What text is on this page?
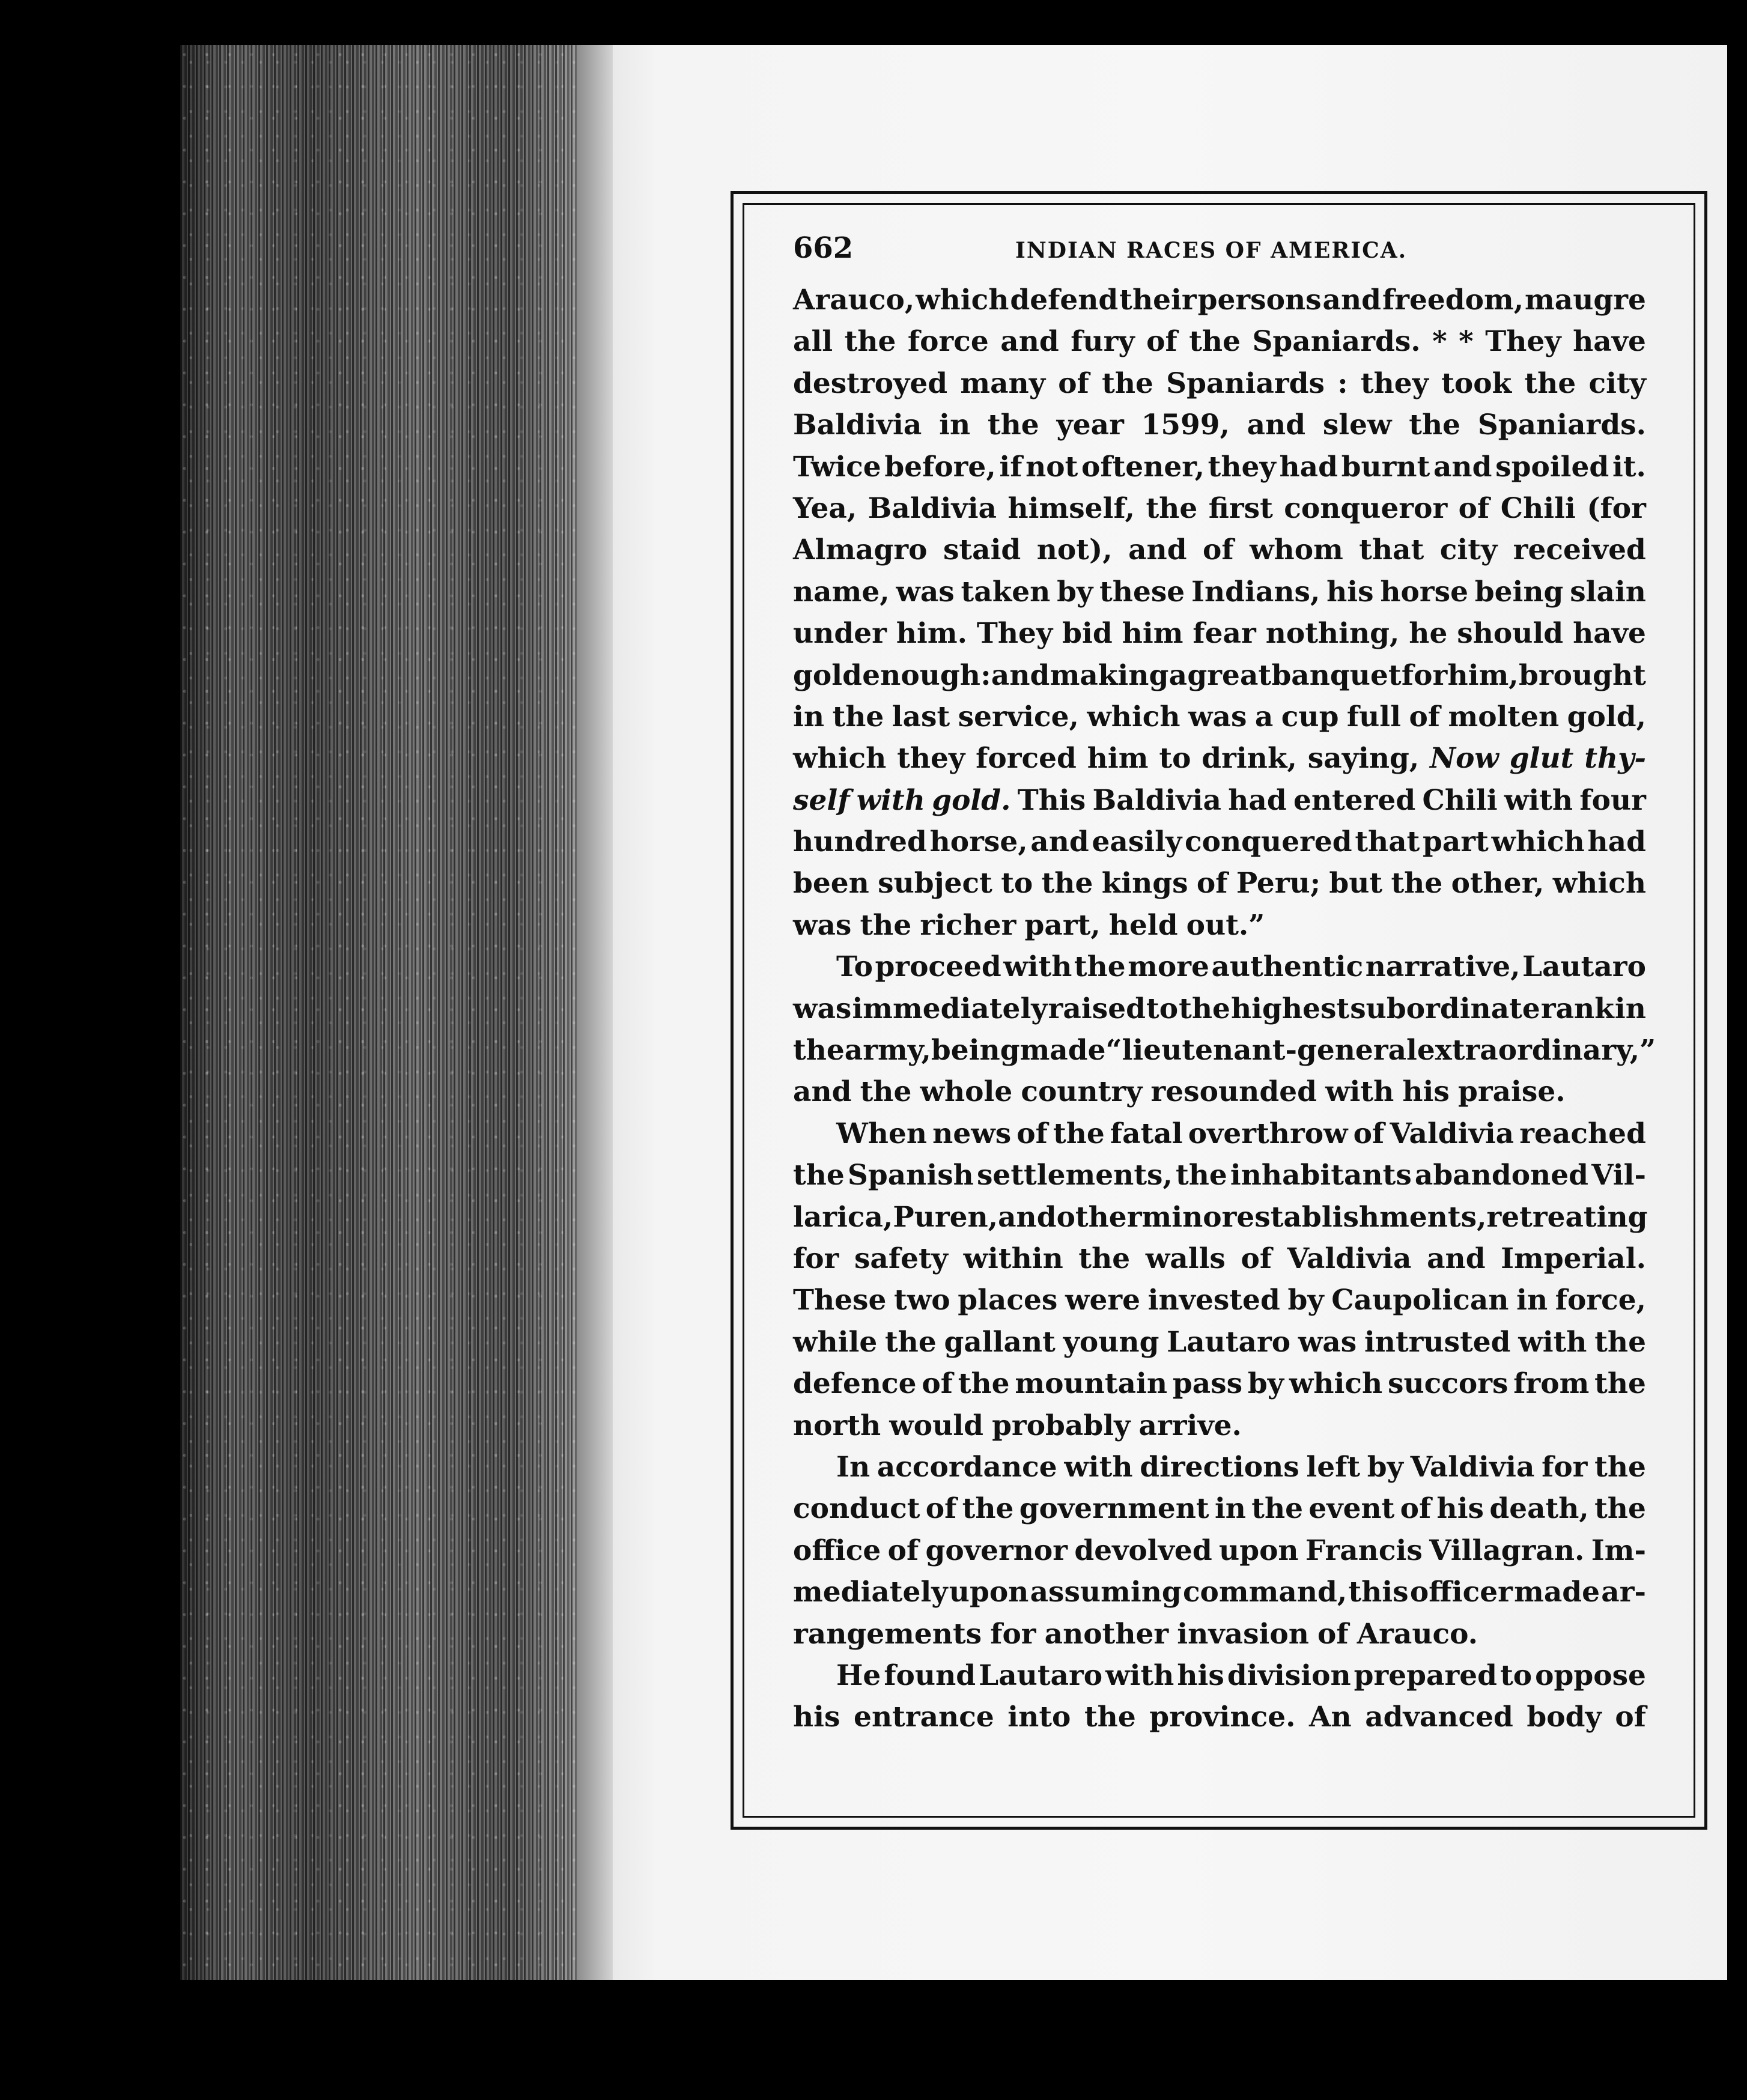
662	INDIAN RACES OF AMERICA.
Arauco, which defend their persons and freedom, maugre
all the force and fury of the Spaniards. * * They have
destroyed many of the Spaniards : they took the city
Baldivia in the year 1599, and slew the Spaniards.
Twice before, if not oftener, they had burnt and spoiled it.
Yea, Baldivia himself, the first conqueror of Chili (for
Almagro staid not), and of whom that city received
name, was taken by these Indians, his horse being slain
under him. They bid him fear nothing, he should have
gold enough : and making a great banquet for him, brought
in the last service, which was a cup full of molten gold,
which they forced him to drink, saying, Now glut thy-
self with gold. This Baldivia had entered Chili with four
hundred horse, and easily conquered that part which had
been subject to the kings of Peru; but the other, which
was the richer part, held out.”
To proceed with the more authentic narrative, Lautaro
was immediately raised to the highest subordinate rank in
the army, being made “ lieutenant-general extraordinary,”
and the whole country resounded with his praise.
When news of the fatal overthrow of Valdivia reached
the Spanish settlements, the inhabitants abandoned Vil-
larica, Puren, and other minor establishments, retreating
for safety within the walls of Valdivia and Imperial.
These two places were invested by Caupolican in force,
while the gallant young Lautaro was intrusted with the
defence of the mountain pass by which succors from the
north would probably arrive.
In accordance with directions left by Valdivia for the
conduct of the government in the event of his death, the
office of governor devolved upon Francis Villagran. Im-
mediately upon assuming command, this officer made ar-
rangements for another invasion of Arauco.
He found Lautaro with his division prepared to oppose
his entrance into the province. An advanced body of
